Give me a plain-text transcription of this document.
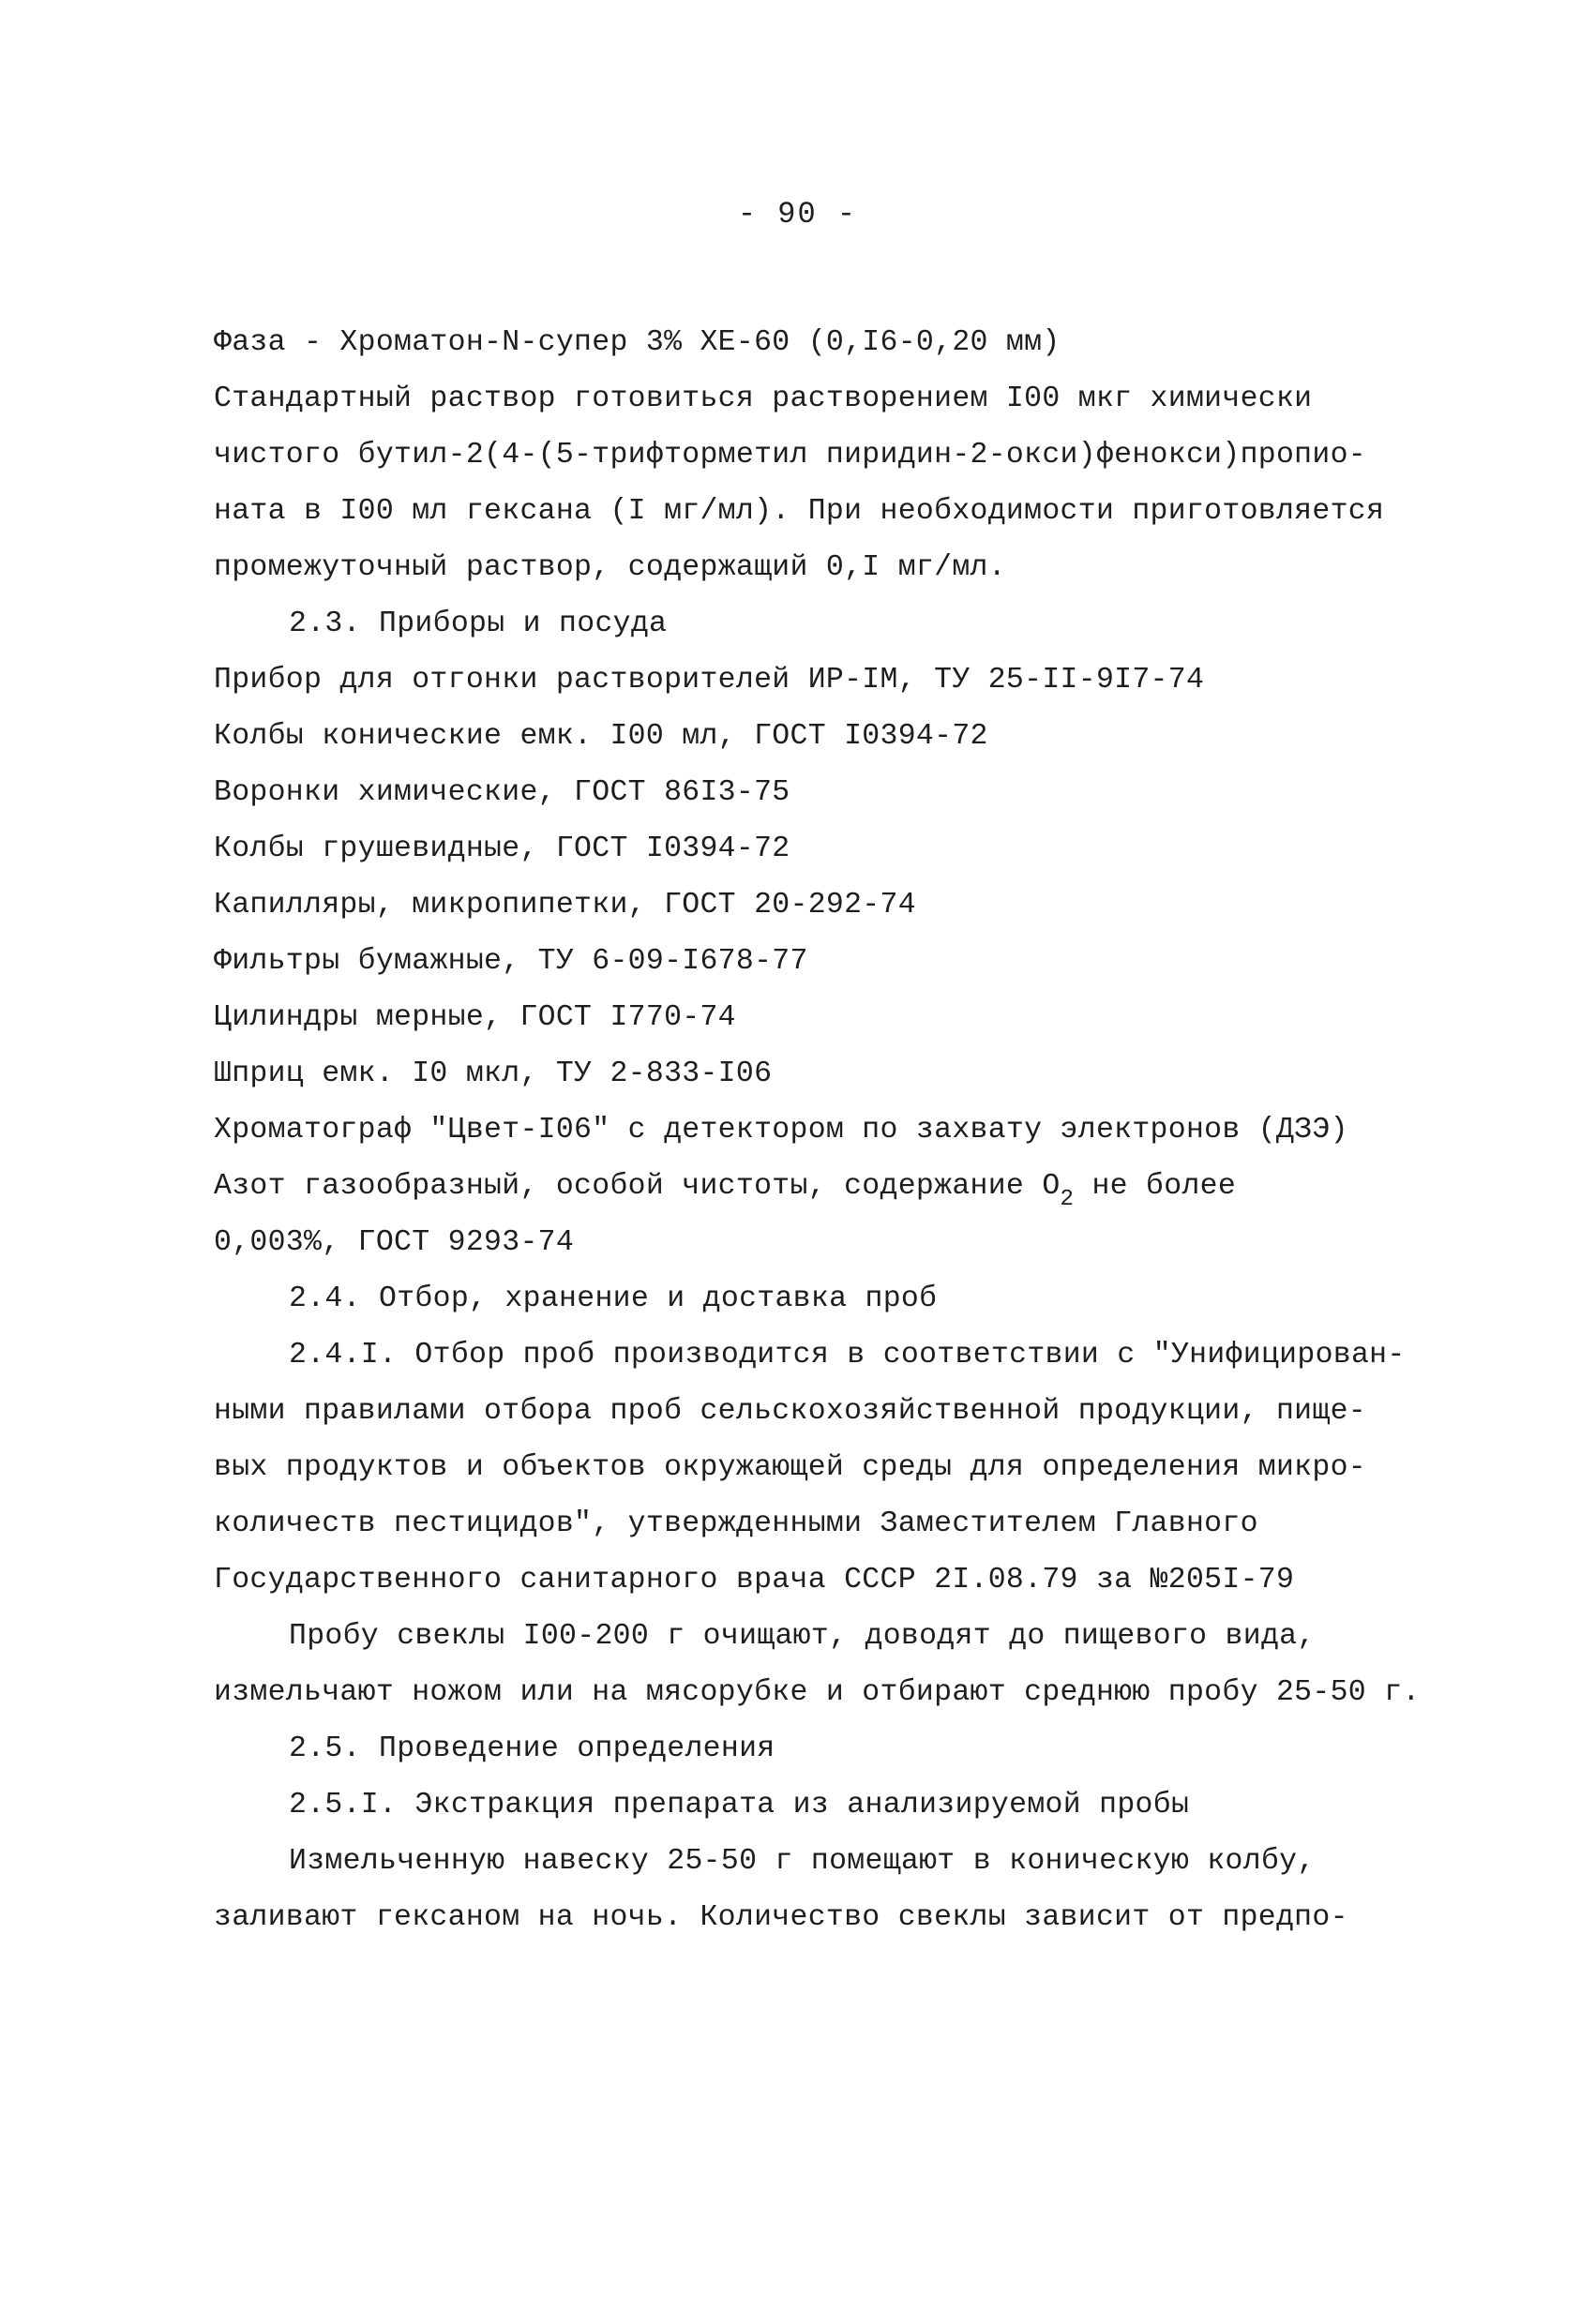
- 90 -
Фаза - Хроматон-N-супер 3% XE-60 (0,I6-0,20 мм)
Стандартный раствор готовиться растворением I00 мкг химически
чистого бутил-2(4-(5-трифторметил пиридин-2-окси)фенокси)пропио-
ната в I00 мл гексана (I мг/мл). При необходимости приготовляется
промежуточный раствор, содержащий 0,I мг/мл.
2.3. Приборы и посуда
Прибор для отгонки растворителей ИР-IМ, ТУ 25-II-9I7-74
Колбы конические емк. I00 мл, ГОСТ I0394-72
Воронки химические, ГОСТ 86I3-75
Колбы грушевидные, ГОСТ I0394-72
Капилляры, микропипетки, ГОСТ 20-292-74
Фильтры бумажные, ТУ 6-09-I678-77
Цилиндры мерные, ГОСТ I770-74
Шприц емк. I0 мкл, ТУ 2-833-I06
Хроматограф "Цвет-I06" с детектором по захвату электронов (ДЗЭ)
Азот газообразный, особой чистоты, содержание $О_2$ не более
0,003%, ГОСТ 9293-74
2.4. Отбор, хранение и доставка проб
2.4.I. Отбор проб производится в соответствии с "Унифицирован-
ными правилами отбора проб сельскохозяйственной продукции, пище-
вых продуктов и объектов окружающей среды для определения микро-
количеств пестицидов", утвержденными Заместителем Главного
Государственного санитарного врача СССР 2I.08.79 за №205I-79
Пробу свеклы I00-200 г очищают, доводят до пищевого вида,
измельчают ножом или на мясорубке и отбирают среднюю пробу 25-50 г.
2.5. Проведение определения
2.5.I. Экстракция препарата из анализируемой пробы
Измельченную навеску 25-50 г помещают в коническую колбу,
заливают гексаном на ночь. Количество свеклы зависит от предпо-
